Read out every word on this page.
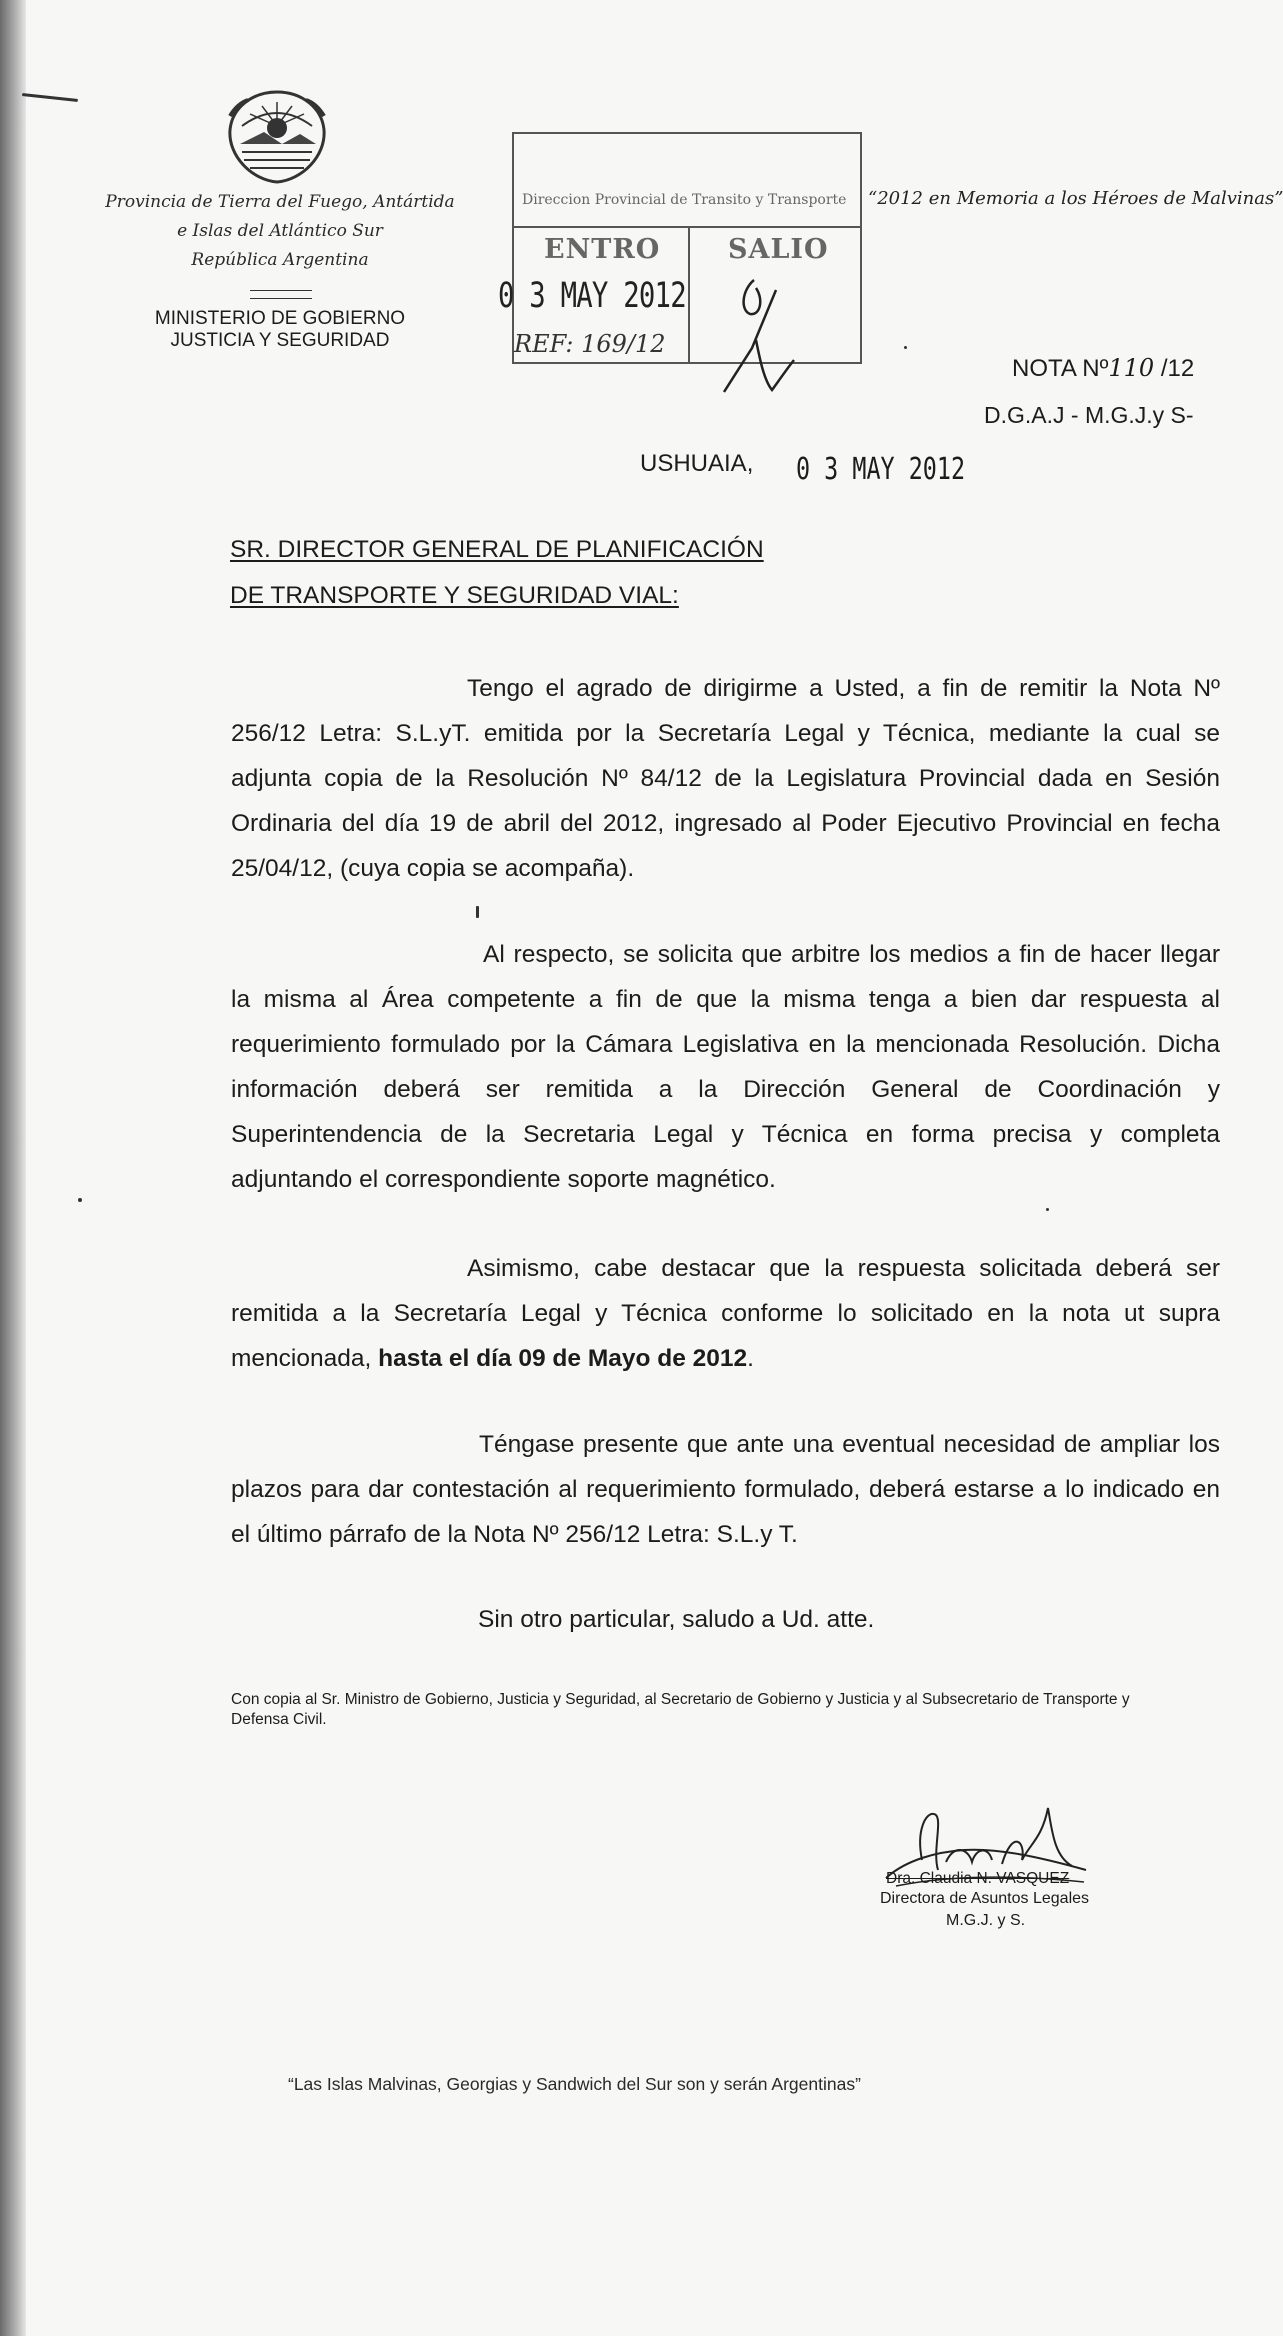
Provincia de Tierra del Fuego, Antártida
e Islas del Atlántico Sur
República Argentina
MINISTERIO DE GOBIERNO
JUSTICIA Y SEGURIDAD
Direccion Provincial de Transito y Transporte
ENTRO	SALIO
0 3 MAY 2012
REF: 169/12
“2012 en Memoria a los Héroes de Malvinas”
NOTA Nº110 /12
D.G.A.J - M.G.J.y S-
USHUAIA, 0 3 MAY 2012
SR. DIRECTOR GENERAL DE PLANIFICACIÓN
DE TRANSPORTE Y SEGURIDAD VIAL:
Tengo el agrado de dirigirme a Usted, a fin de remitir la Nota Nº 256/12 Letra: S.L.yT. emitida por la Secretaría Legal y Técnica, mediante la cual se adjunta copia de la Resolución Nº 84/12 de la Legislatura Provincial dada en Sesión Ordinaria del día 19 de abril del 2012, ingresado al Poder Ejecutivo Provincial en fecha 25/04/12, (cuya copia se acompaña).
Al respecto, se solicita que arbitre los medios a fin de hacer llegar la misma al Área competente a fin de que la misma tenga a bien dar respuesta al requerimiento formulado por la Cámara Legislativa en la mencionada Resolución. Dicha información deberá ser remitida a la Dirección General de Coordinación y Superintendencia de la Secretaria Legal y Técnica en forma precisa y completa adjuntando el correspondiente soporte magnético.
Asimismo, cabe destacar que la respuesta solicitada deberá ser remitida a la Secretaría Legal y Técnica conforme lo solicitado en la nota ut supra mencionada, hasta el día 09 de Mayo de 2012.
Téngase presente que ante una eventual necesidad de ampliar los plazos para dar contestación al requerimiento formulado, deberá estarse a lo indicado en el último párrafo de la Nota Nº 256/12 Letra: S.L.y T.
Sin otro particular, saludo a Ud. atte.
Con copia al Sr. Ministro de Gobierno, Justicia y Seguridad, al Secretario de Gobierno y Justicia y al Subsecretario de Transporte y Defensa Civil.
Dra. Claudia N. VASQUEZ
Directora de Asuntos Legales
M.G.J. y S.
“Las Islas Malvinas, Georgias y Sandwich del Sur son y serán Argentinas”
